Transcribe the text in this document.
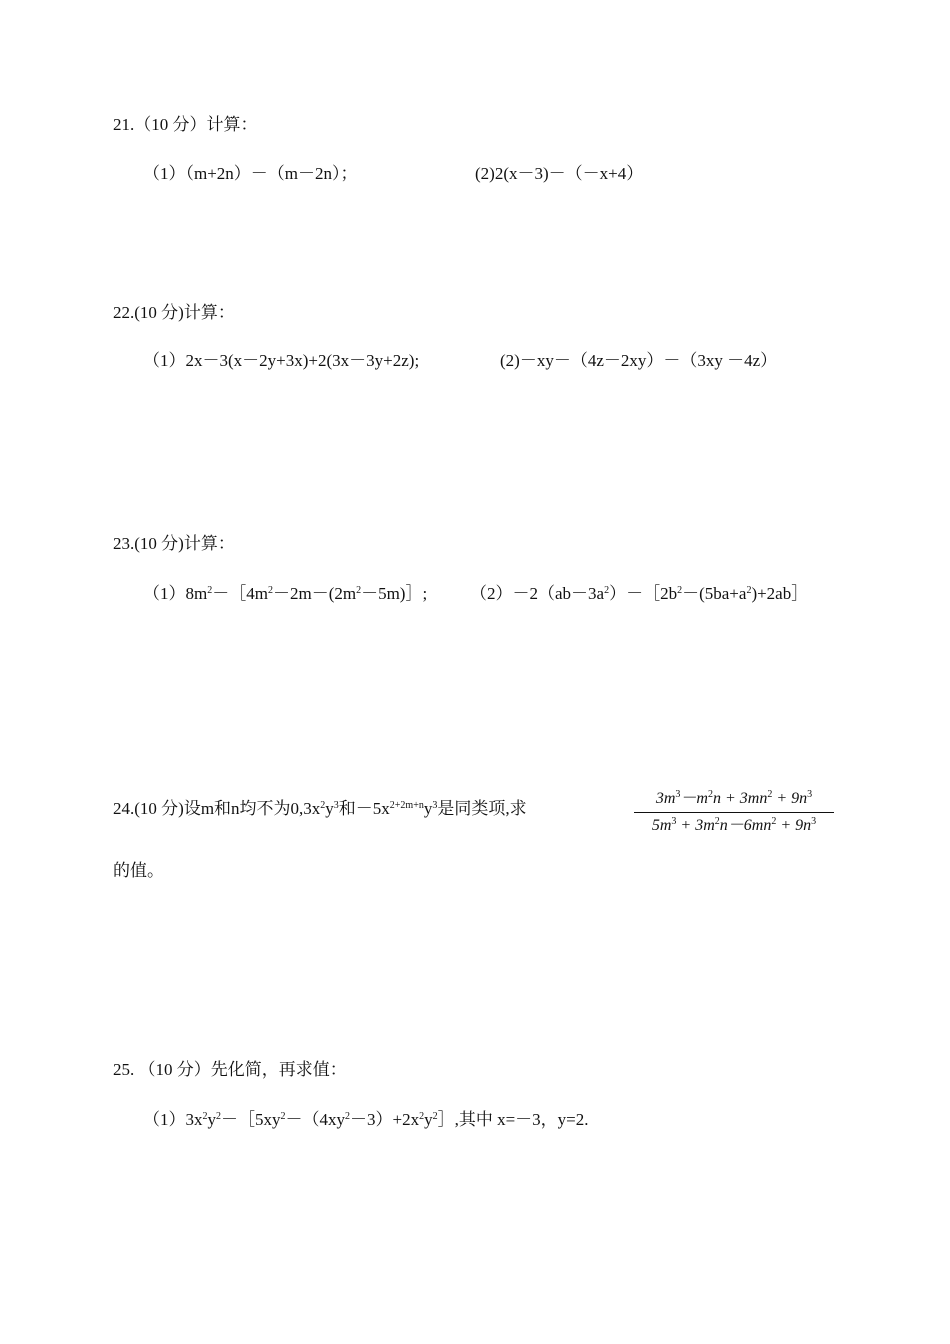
21.（10 分）计算：
（1）（m+2n）－（m－2n）；	(2)2(x－3)－（－x+4）
22.(10 分)计算：
（1）2x－3(x－2y+3x)+2(3x－3y+2z);	(2)－xy－（4z－2xy）－（3xy －4z）
23.(10 分)计算：
$(1)8m^2-[4m^2-2m-(2m^2-5m)]$;	$(2)-2(ab-3a^2)-[2b^2-(5ba+a^2)+2ab]$
24.(10 分)设m和n均不为$0,3x^2y^3$和$-5x^{2+2m+n}y^3$是同类项,求
$3m^3-m^2n + 3mn^2 + 9n^3$
$5m^3 + 3m^2n-6mn^2 + 9n^3$
的值。
25. （10 分）先化简，再求值：
$(1)3x^2y^2-[5xy^2-(4xy^2-3)+2x^2y^2]$,其中 x=－3，y=2.
